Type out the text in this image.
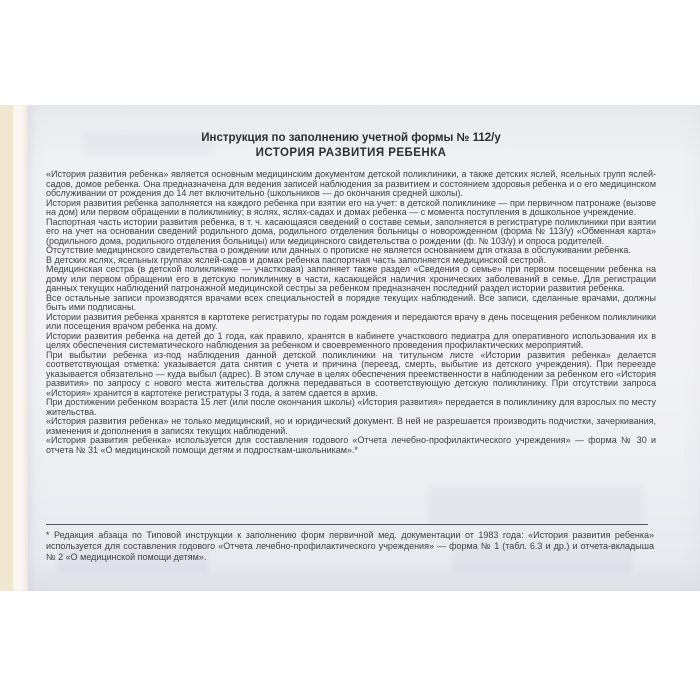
Инструкция по заполнению учетной формы № 112/у
ИСТОРИЯ РАЗВИТИЯ РЕБЕНКА

«История развития ребенка» является основным медицинским документом детской поликлиники, а также детских яслей, ясельных групп яслей-садов, домов ребенка. Она предназначена для ведения записей наблюдения за развитием и состоянием здоровья ребенка и о его медицинском обслуживании от рождения до 14 лет включительно (школьников — до окончания средней школы).

История развития ребенка заполняется на каждого ребенка при взятии его на учет: в детской поликлинике — при первичном патронаже (вызове на дом) или первом обращении в поликлинику; в яслях, яслях-садах и домах ребенка — с момента поступления в дошкольное учреждение.

Паспортная часть истории развития ребенка, в т. ч. касающаяся сведений о составе семьи, заполняется в регистратуре поликлиники при взятии его на учет на основании сведений родильного дома, родильного отделения больницы о новорожденном (форма № 113/у) «Обменная карта» (родильного дома, родильного отделения больницы) или медицинского свидетельства о рождении (ф. № 103/у) и опроса родителей.

Отсутствие медицинского свидетельства о рождении или данных о прописке не является основанием для отказа в обслуживании ребенка.

В детских яслях, ясельных группах яслей-садов и домах ребенка паспортная часть заполняется медицинской сестрой.

Медицинская сестра (в детской поликлинике — участковая) заполняет также раздел «Сведения о семье» при первом посещении ребенка на дому или первом обращении его в детскую поликлинику в части, касающейся наличия хронических заболеваний в семье. Для регистрации данных текущих наблюдений патронажной медицинской сестры за ребенком предназначен последний раздел истории развития ребенка.

Все остальные записи производятся врачами всех специальностей в порядке текущих наблюдений. Все записи, сделанные врачами, должны быть ими подписаны.

Истории развития ребенка хранятся в картотеке регистратуры по годам рождения и передаются врачу в день посещения ребенком поликлиники или посещения врачом ребенка на дому.

Истории развития ребенка на детей до 1 года, как правило, хранятся в кабинете участкового педиатра для оперативного использования их в целях обеспечения систематического наблюдения за ребенком и своевременного проведения профилактических мероприятий.

При выбытии ребенка из-под наблюдения данной детской поликлиники на титульном листе «Истории развития ребенка» делается соответствующая отметка: указывается дата снятия с учета и причина (переезд, смерть, выбытие из детского учреждения). При переезде указывается обязательно — куда выбыл (адрес). В этом случае в целях обеспечения преемственности в наблюдении за ребенком его «История развития» по запросу с нового места жительства должна передаваться в соответствующую детскую поликлинику. При отсутствии запроса «История» хранится в картотеке регистратуры 3 года, а затем сдается в архив.

При достижении ребенком возраста 15 лет (или после окончания школы) «История развития» передается в поликлинику для взрослых по месту жительства.

«История развития ребенка» не только медицинский, но и юридический документ. В ней не разрешается производить подчистки, зачеркивания, изменения и дополнения в записях текущих наблюдений.

«История развития ребенка» используется для составления годового «Отчета лечебно-профилактического учреждения» — форма № 30 и отчета № 31 «О медицинской помощи детям и подросткам-школьникам».*

* Редакция абзаца по Типовой инструкции к заполнению форм первичной мед. документации от 1983 года: «История развития ребенка» используется для составления годового «Отчета лечебно-профилактического учреждения» — форма № 1 (табл. 6.3 и др.) и отчета-вкладыша № 2 «О медицинской помощи детям».
